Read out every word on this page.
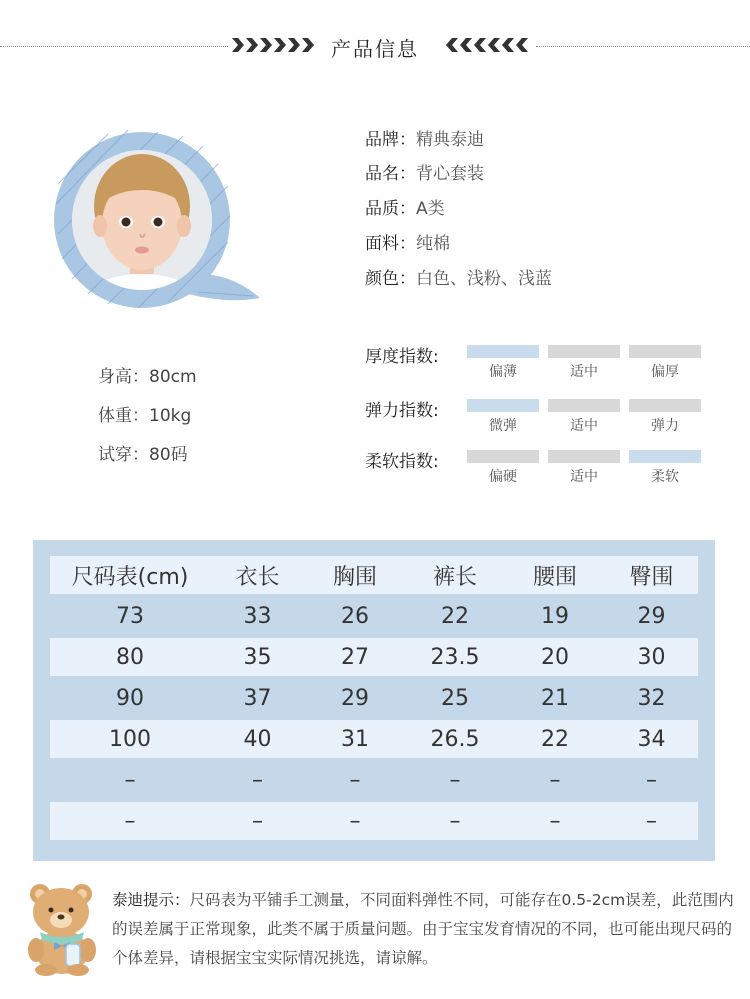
产品信息
品牌：精典泰迪
品名：背心套装
品质：A类
面料：纯棉
颜色：白色、浅粉、浅蓝
身高：80cm
体重：10kg
试穿：80码
厚度指数:
偏薄	适中	偏厚
弹力指数:
微弹	适中	弹力
柔软指数:
偏硬	适中	柔软
尺码表(cm)	衣长	胸围	裤长	腰围	臀围
73	33	26	22	19	29
80	35	27	23.5	20	30
90	37	29	25	21	32
100	40	31	26.5	22	34
–	–	–	–	–	–
–	–	–	–	–	–
泰迪提示：尺码表为平铺手工测量，不同面料弹性不同，可能存在0.5-2cm误差，此范围内的误差属于正常现象，此类不属于质量问题。由于宝宝发育情况的不同，也可能出现尺码的个体差异，请根据宝宝实际情况挑选，请谅解。
